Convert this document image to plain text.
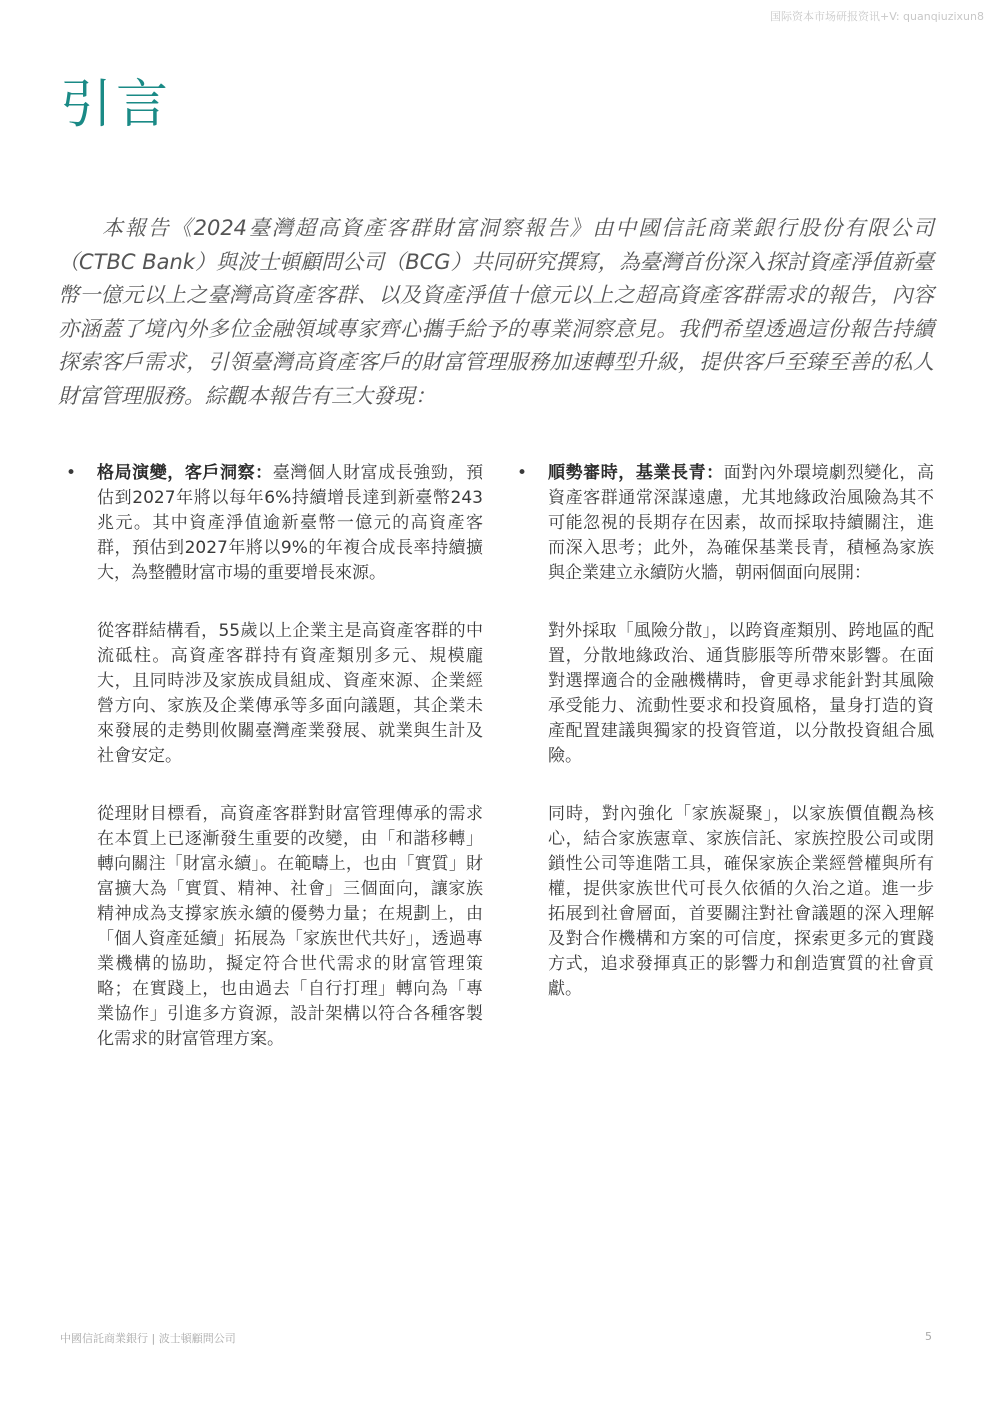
国际资本市场研报资讯+V: quanqiuzixun8
引言

本報告《2024臺灣超高資產客群財富洞察報告》由中國信託商業銀行股份有限公司（CTBC Bank）與波士頓顧問公司（BCG）共同研究撰寫，為臺灣首份深入探討資產淨值新臺幣一億元以上之臺灣高資產客群、以及資產淨值十億元以上之超高資產客群需求的報告，內容亦涵蓋了境內外多位金融領域專家齊心攜手給予的專業洞察意見。我們希望透過這份報告持續探索客戶需求，引領臺灣高資產客戶的財富管理服務加速轉型升級，提供客戶至臻至善的私人財富管理服務。綜觀本報告有三大發現：

• 格局演變，客戶洞察：臺灣個人財富成長強勁，預估到2027年將以每年6%持續增長達到新臺幣243兆元。其中資產淨值逾新臺幣一億元的高資產客群，預估到2027年將以9%的年複合成長率持續擴大，為整體財富市場的重要增長來源。

從客群結構看，55歲以上企業主是高資產客群的中流砥柱。高資產客群持有資產類別多元、規模龐大，且同時涉及家族成員組成、資產來源、企業經營方向、家族及企業傳承等多面向議題，其企業未來發展的走勢則攸關臺灣產業發展、就業與生計及社會安定。

從理財目標看，高資產客群對財富管理傳承的需求在本質上已逐漸發生重要的改變，由「和諧移轉」轉向關注「財富永續」。在範疇上，也由「實質」財富擴大為「實質、精神、社會」三個面向，讓家族精神成為支撐家族永續的優勢力量；在規劃上，由「個人資產延續」拓展為「家族世代共好」，透過專業機構的協助，擬定符合世代需求的財富管理策略；在實踐上，也由過去「自行打理」轉向為「專業協作」引進多方資源，設計架構以符合各種客製化需求的財富管理方案。

• 順勢審時，基業長青：面對內外環境劇烈變化，高資產客群通常深謀遠慮，尤其地緣政治風險為其不可能忽視的長期存在因素，故而採取持續關注，進而深入思考；此外，為確保基業長青，積極為家族與企業建立永續防火牆，朝兩個面向展開：

對外採取「風險分散」，以跨資產類別、跨地區的配置，分散地緣政治、通貨膨脹等所帶來影響。在面對選擇適合的金融機構時，會更尋求能針對其風險承受能力、流動性要求和投資風格，量身打造的資產配置建議與獨家的投資管道，以分散投資組合風險。

同時，對內強化「家族凝聚」，以家族價值觀為核心，結合家族憲章、家族信託、家族控股公司或閉鎖性公司等進階工具，確保家族企業經營權與所有權，提供家族世代可長久依循的久治之道。進一步拓展到社會層面，首要關注對社會議題的深入理解及對合作機構和方案的可信度，探索更多元的實踐方式，追求發揮真正的影響力和創造實質的社會貢獻。

中國信託商業銀行 | 波士頓顧問公司	5
